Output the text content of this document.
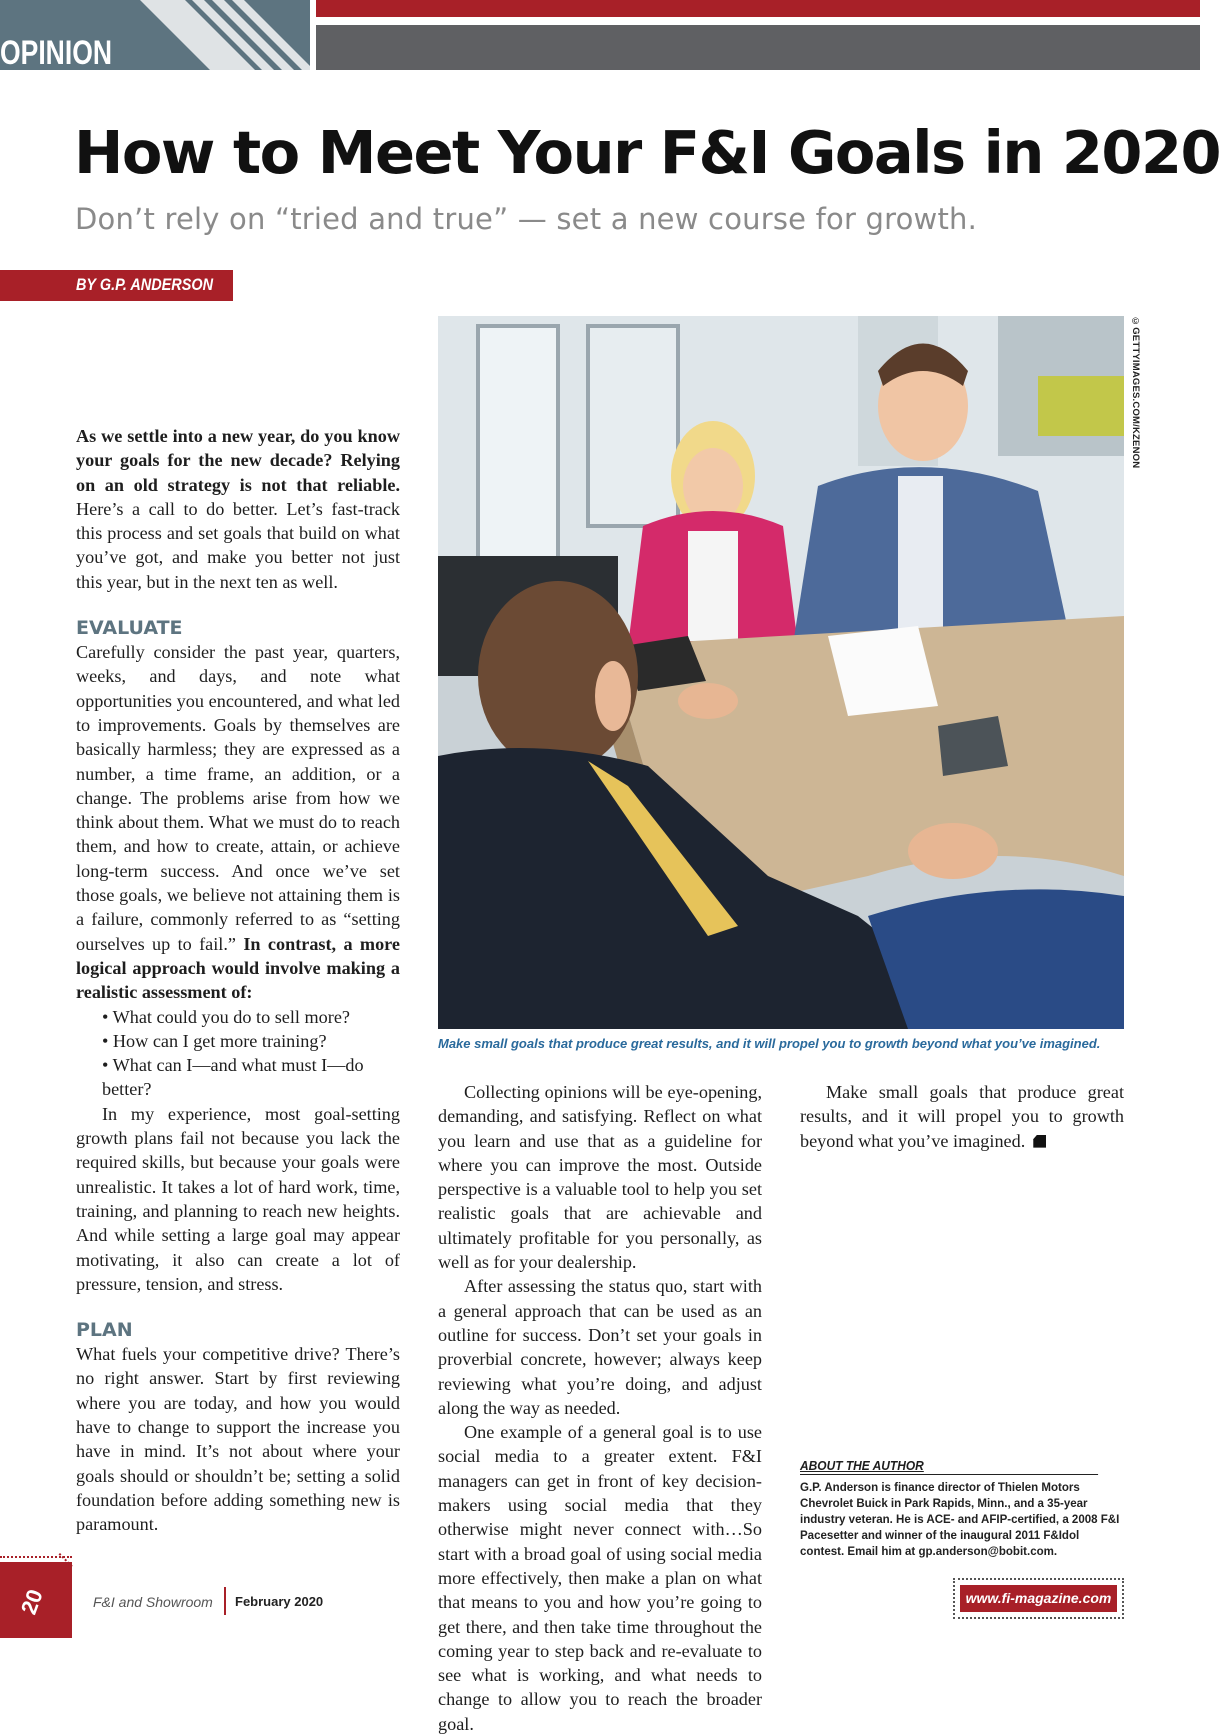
OPINION
How to Meet Your F&I Goals in 2020
Don’t rely on “tried and true” — set a new course for growth.
BY G.P. ANDERSON
©GETTYIMAGES.COM/KZENON
Make small goals that produce great results, and it will propel you to growth beyond what you’ve imagined.

As we settle into a new year, do you know your goals for the new decade? Relying on an old strategy is not that reliable. Here’s a call to do better. Let’s fast-track this process and set goals that build on what you’ve got, and make you better not just this year, but in the next ten as well.

EVALUATE

Carefully consider the past year, quarters, weeks, and days, and note what opportunities you encountered, and what led to improvements. Goals by themselves are basically harmless; they are expressed as a number, a time frame, an addition, or a change. The problems arise from how we think about them. What we must do to reach them, and how to create, attain, or achieve long-term success. And once we’ve set those goals, we believe not attaining them is a failure, commonly referred to as “setting ourselves up to fail.” In contrast, a more logical approach would involve making a realistic assessment of:

• What could you do to sell more?
• How can I get more training?
• What can I—and what must I—do better?

In my experience, most goal-setting growth plans fail not because you lack the required skills, but because your goals were unrealistic. It takes a lot of hard work, time, training, and planning to reach new heights. And while setting a large goal may appear motivating, it also can create a lot of pressure, tension, and stress.

PLAN

What fuels your competitive drive? There’s no right answer. Start by first reviewing where you are today, and how you would have to change to support the increase you have in mind. It’s not about where your goals should or shouldn’t be; setting a solid foundation before adding something new is paramount.

Collecting opinions will be eye-opening, demanding, and satisfying. Reflect on what you learn and use that as a guideline for where you can improve the most. Outside perspective is a valuable tool to help you set realistic goals that are achievable and ultimately profitable for you personally, as well as for your dealership.

After assessing the status quo, start with a general approach that can be used as an outline for success. Don’t set your goals in proverbial concrete, however; always keep reviewing what you’re doing, and adjust along the way as needed.

One example of a general goal is to use social media to a greater extent. F&I managers can get in front of key decision-makers using social media that they otherwise might never connect with…So start with a broad goal of using social media more effectively, then make a plan on what that means to you and how you’re going to get there, and then take time throughout the coming year to step back and re-evaluate to see what is working, and what needs to change to allow you to reach the broader goal.

Make small goals that produce great results, and it will propel you to growth beyond what you’ve imagined.

ABOUT THE AUTHOR
G.P. Anderson is finance director of Thielen Motors Chevrolet Buick in Park Rapids, Minn., and a 35-year industry veteran. He is ACE- and AFIP-certified, a 2008 F&I Pacesetter and winner of the inaugural 2011 F&Idol contest. Email him at gp.anderson@bobit.com.
20	F&I and Showroom February 2020	www.fi-magazine.com
